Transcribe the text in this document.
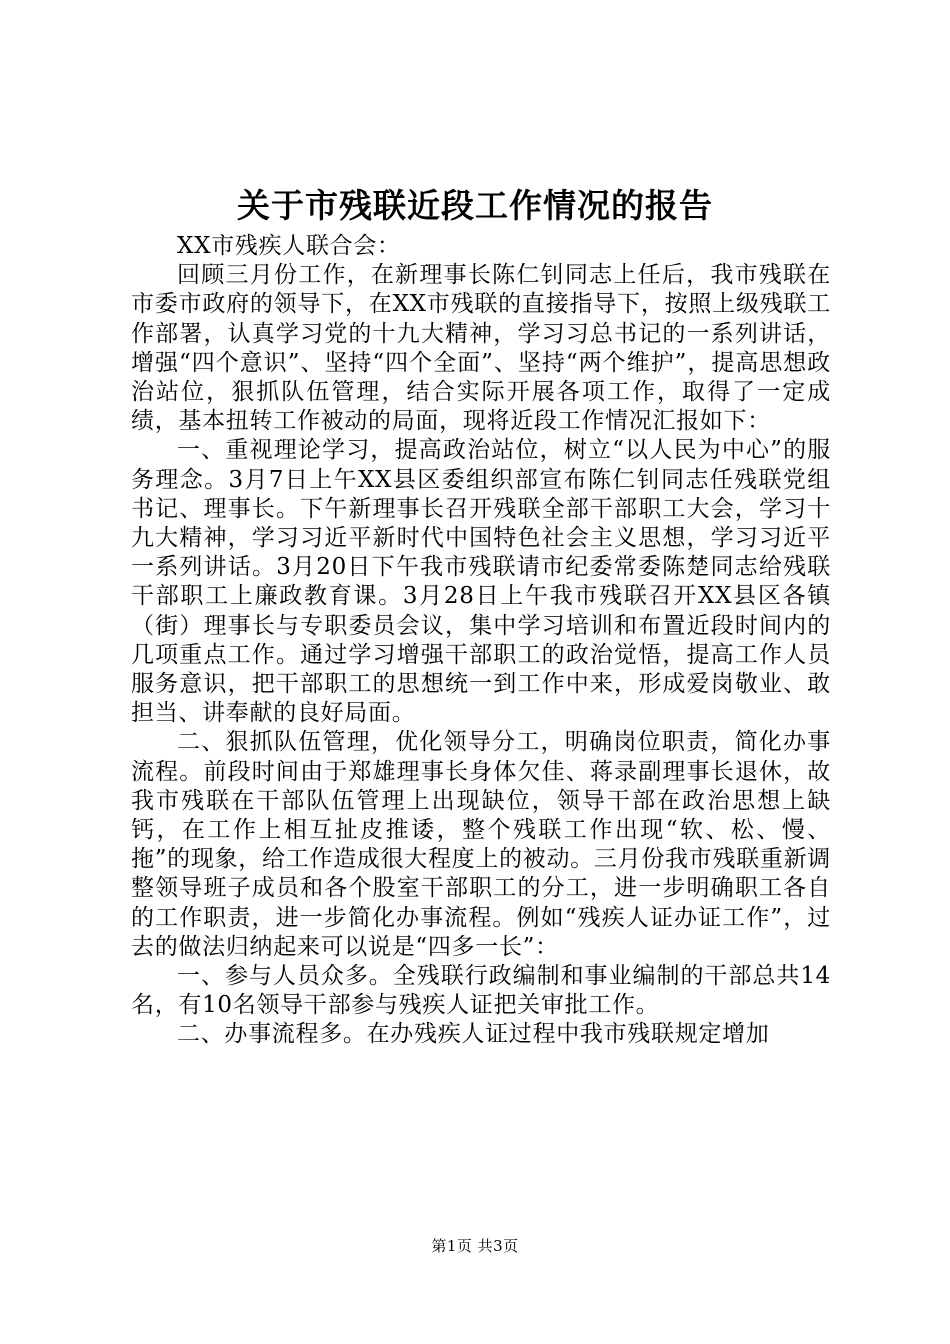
关于市残联近段工作情况的报告

XX市残疾人联合会：

回顾三月份工作，在新理事长陈仁钊同志上任后，我市残联在市委市政府的领导下，在XX市残联的直接指导下，按照上级残联工作部署，认真学习党的十九大精神，学习习总书记的一系列讲话，增强“四个意识”、坚持“四个全面”、坚持“两个维护”，提高思想政治站位，狠抓队伍管理，结合实际开展各项工作，取得了一定成绩，基本扭转工作被动的局面，现将近段工作情况汇报如下：

一、重视理论学习，提高政治站位，树立“以人民为中心”的服务理念。3月7日上午XX县区委组织部宣布陈仁钊同志任残联党组书记、理事长。下午新理事长召开残联全部干部职工大会，学习十九大精神，学习习近平新时代中国特色社会主义思想，学习习近平一系列讲话。3月20日下午我市残联请市纪委常委陈楚同志给残联干部职工上廉政教育课。3月28日上午我市残联召开XX县区各镇（街）理事长与专职委员会议，集中学习培训和布置近段时间内的几项重点工作。通过学习增强干部职工的政治觉悟，提高工作人员服务意识，把干部职工的思想统一到工作中来，形成爱岗敬业、敢担当、讲奉献的良好局面。

二、狠抓队伍管理，优化领导分工，明确岗位职责，简化办事流程。前段时间由于郑雄理事长身体欠佳、蒋录副理事长退休，故我市残联在干部队伍管理上出现缺位，领导干部在政治思想上缺钙，在工作上相互扯皮推诿，整个残联工作出现“软、松、慢、拖”的现象，给工作造成很大程度上的被动。三月份我市残联重新调整领导班子成员和各个股室干部职工的分工，进一步明确职工各自的工作职责，进一步简化办事流程。例如“残疾人证办证工作”，过去的做法归纳起来可以说是“四多一长”：

一、参与人员众多。全残联行政编制和事业编制的干部总共14名，有10名领导干部参与残疾人证把关审批工作。

二、办事流程多。在办残疾人证过程中我市残联规定增加

第1页 共3页
